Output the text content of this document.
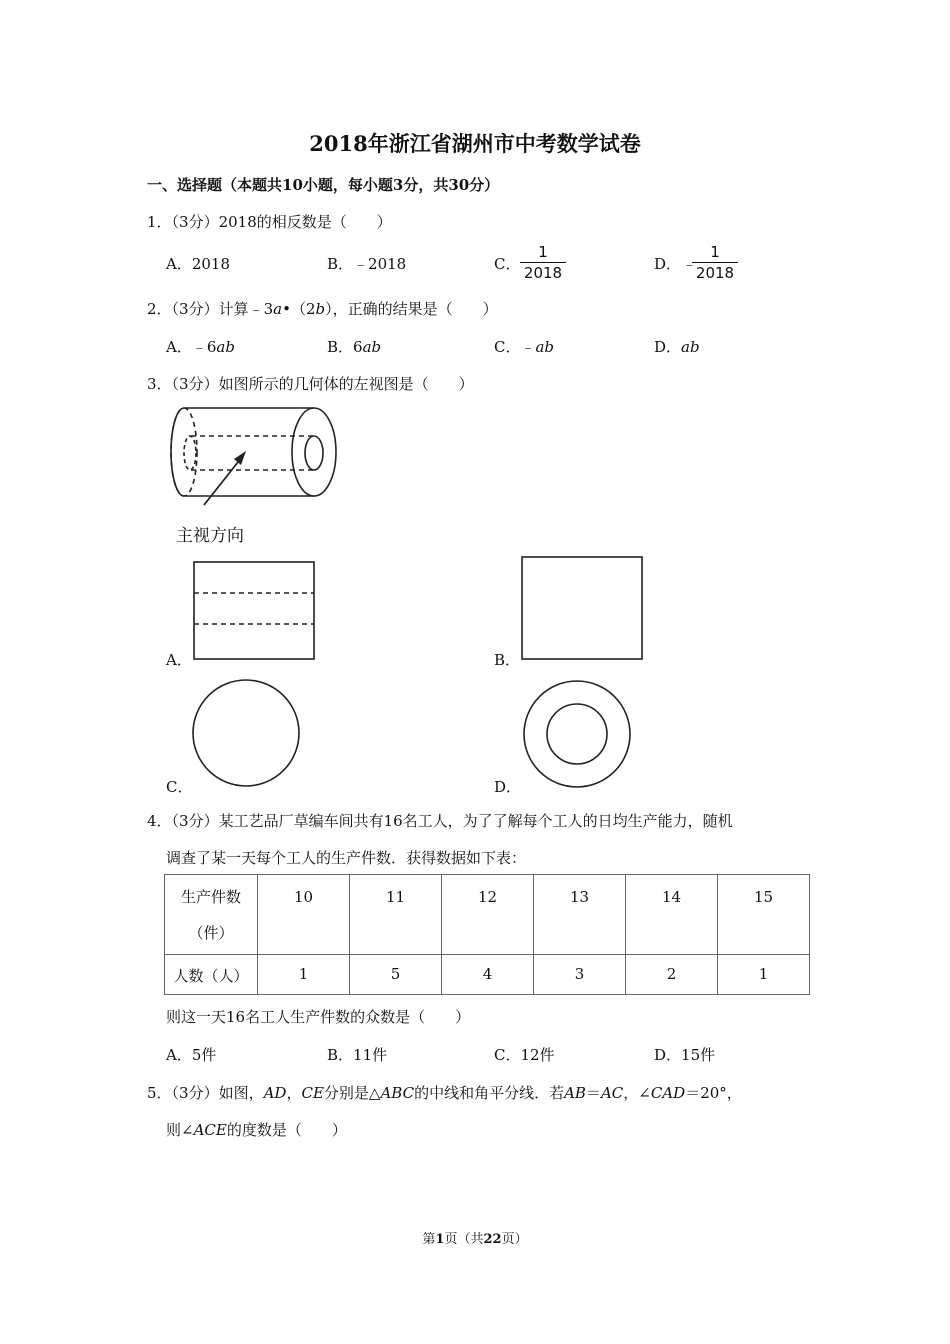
2018年浙江省湖州市中考数学试卷
一、选择题（本题共10小题，每小题3分，共30分）
1．（3分）2018的相反数是（　　）
A．2018	B．﹣2018	C．
1
2018	D． ﹣
1
2018
2．（3分）计算﹣3a•（2b），正确的结果是（　　）
A．﹣6ab	B．6ab	C．﹣ab	D．ab
3．（3分）如图所示的几何体的左视图是（　　）
主视方向
A．	B．
C．	D．
4．（3分）某工艺品厂草编车间共有16名工人，为了了解每个工人的日均生产能力，随机
调查了某一天每个工人的生产件数．获得数据如下表：
生产件数
（件）	10	11	12	13	14	15
人数（人）	1	5	4	3	2	1
则这一天16名工人生产件数的众数是（　　）
A．5件	B．11件	C．12件	D．15件
5．（3分）如图，AD，CE分别是△ABC的中线和角平分线．若AB＝AC，∠CAD＝20°，
则∠ACE的度数是（　　）
第1页（共22页）
